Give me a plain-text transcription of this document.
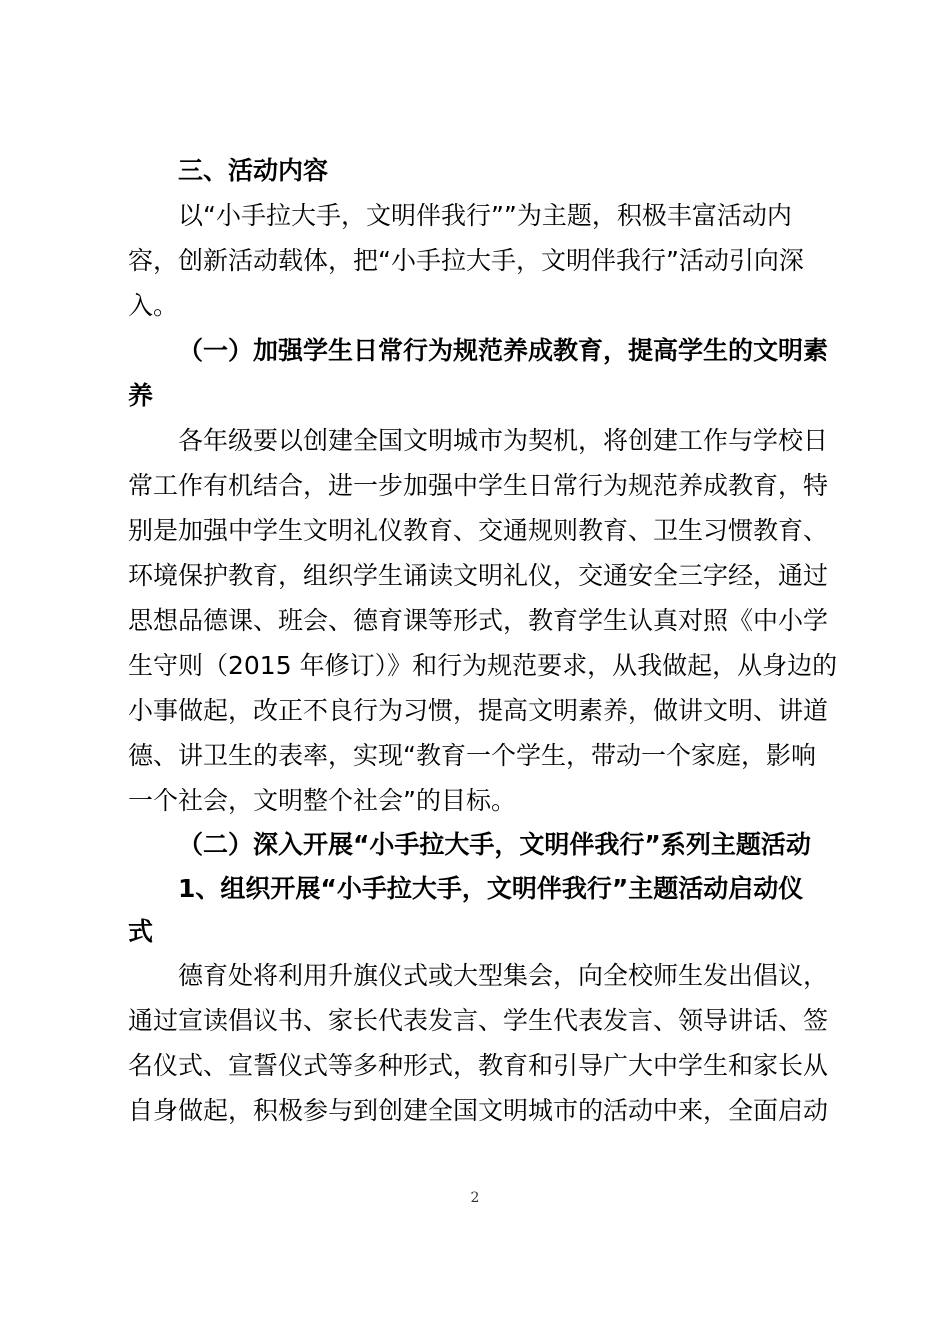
三、活动内容
以“小手拉大手，文明伴我行””为主题，积极丰富活动内
容，创新活动载体，把“小手拉大手，文明伴我行”活动引向深
入。
（一）加强学生日常行为规范养成教育，提高学生的文明素
养
各年级要以创建全国文明城市为契机，将创建工作与学校日
常工作有机结合，进一步加强中学生日常行为规范养成教育，特
别是加强中学生文明礼仪教育、交通规则教育、卫生习惯教育、
环境保护教育，组织学生诵读文明礼仪，交通安全三字经，通过
思想品德课、班会、德育课等形式，教育学生认真对照《中小学
生守则（2015 年修订）》和行为规范要求，从我做起，从身边的
小事做起，改正不良行为习惯，提高文明素养，做讲文明、讲道
德、讲卫生的表率，实现“教育一个学生，带动一个家庭，影响
一个社会，文明整个社会”的目标。
（二）深入开展“小手拉大手，文明伴我行”系列主题活动
1、组织开展“小手拉大手，文明伴我行”主题活动启动仪
式
德育处将利用升旗仪式或大型集会，向全校师生发出倡议，
通过宣读倡议书、家长代表发言、学生代表发言、领导讲话、签
名仪式、宣誓仪式等多种形式，教育和引导广大中学生和家长从
自身做起，积极参与到创建全国文明城市的活动中来，全面启动
2
